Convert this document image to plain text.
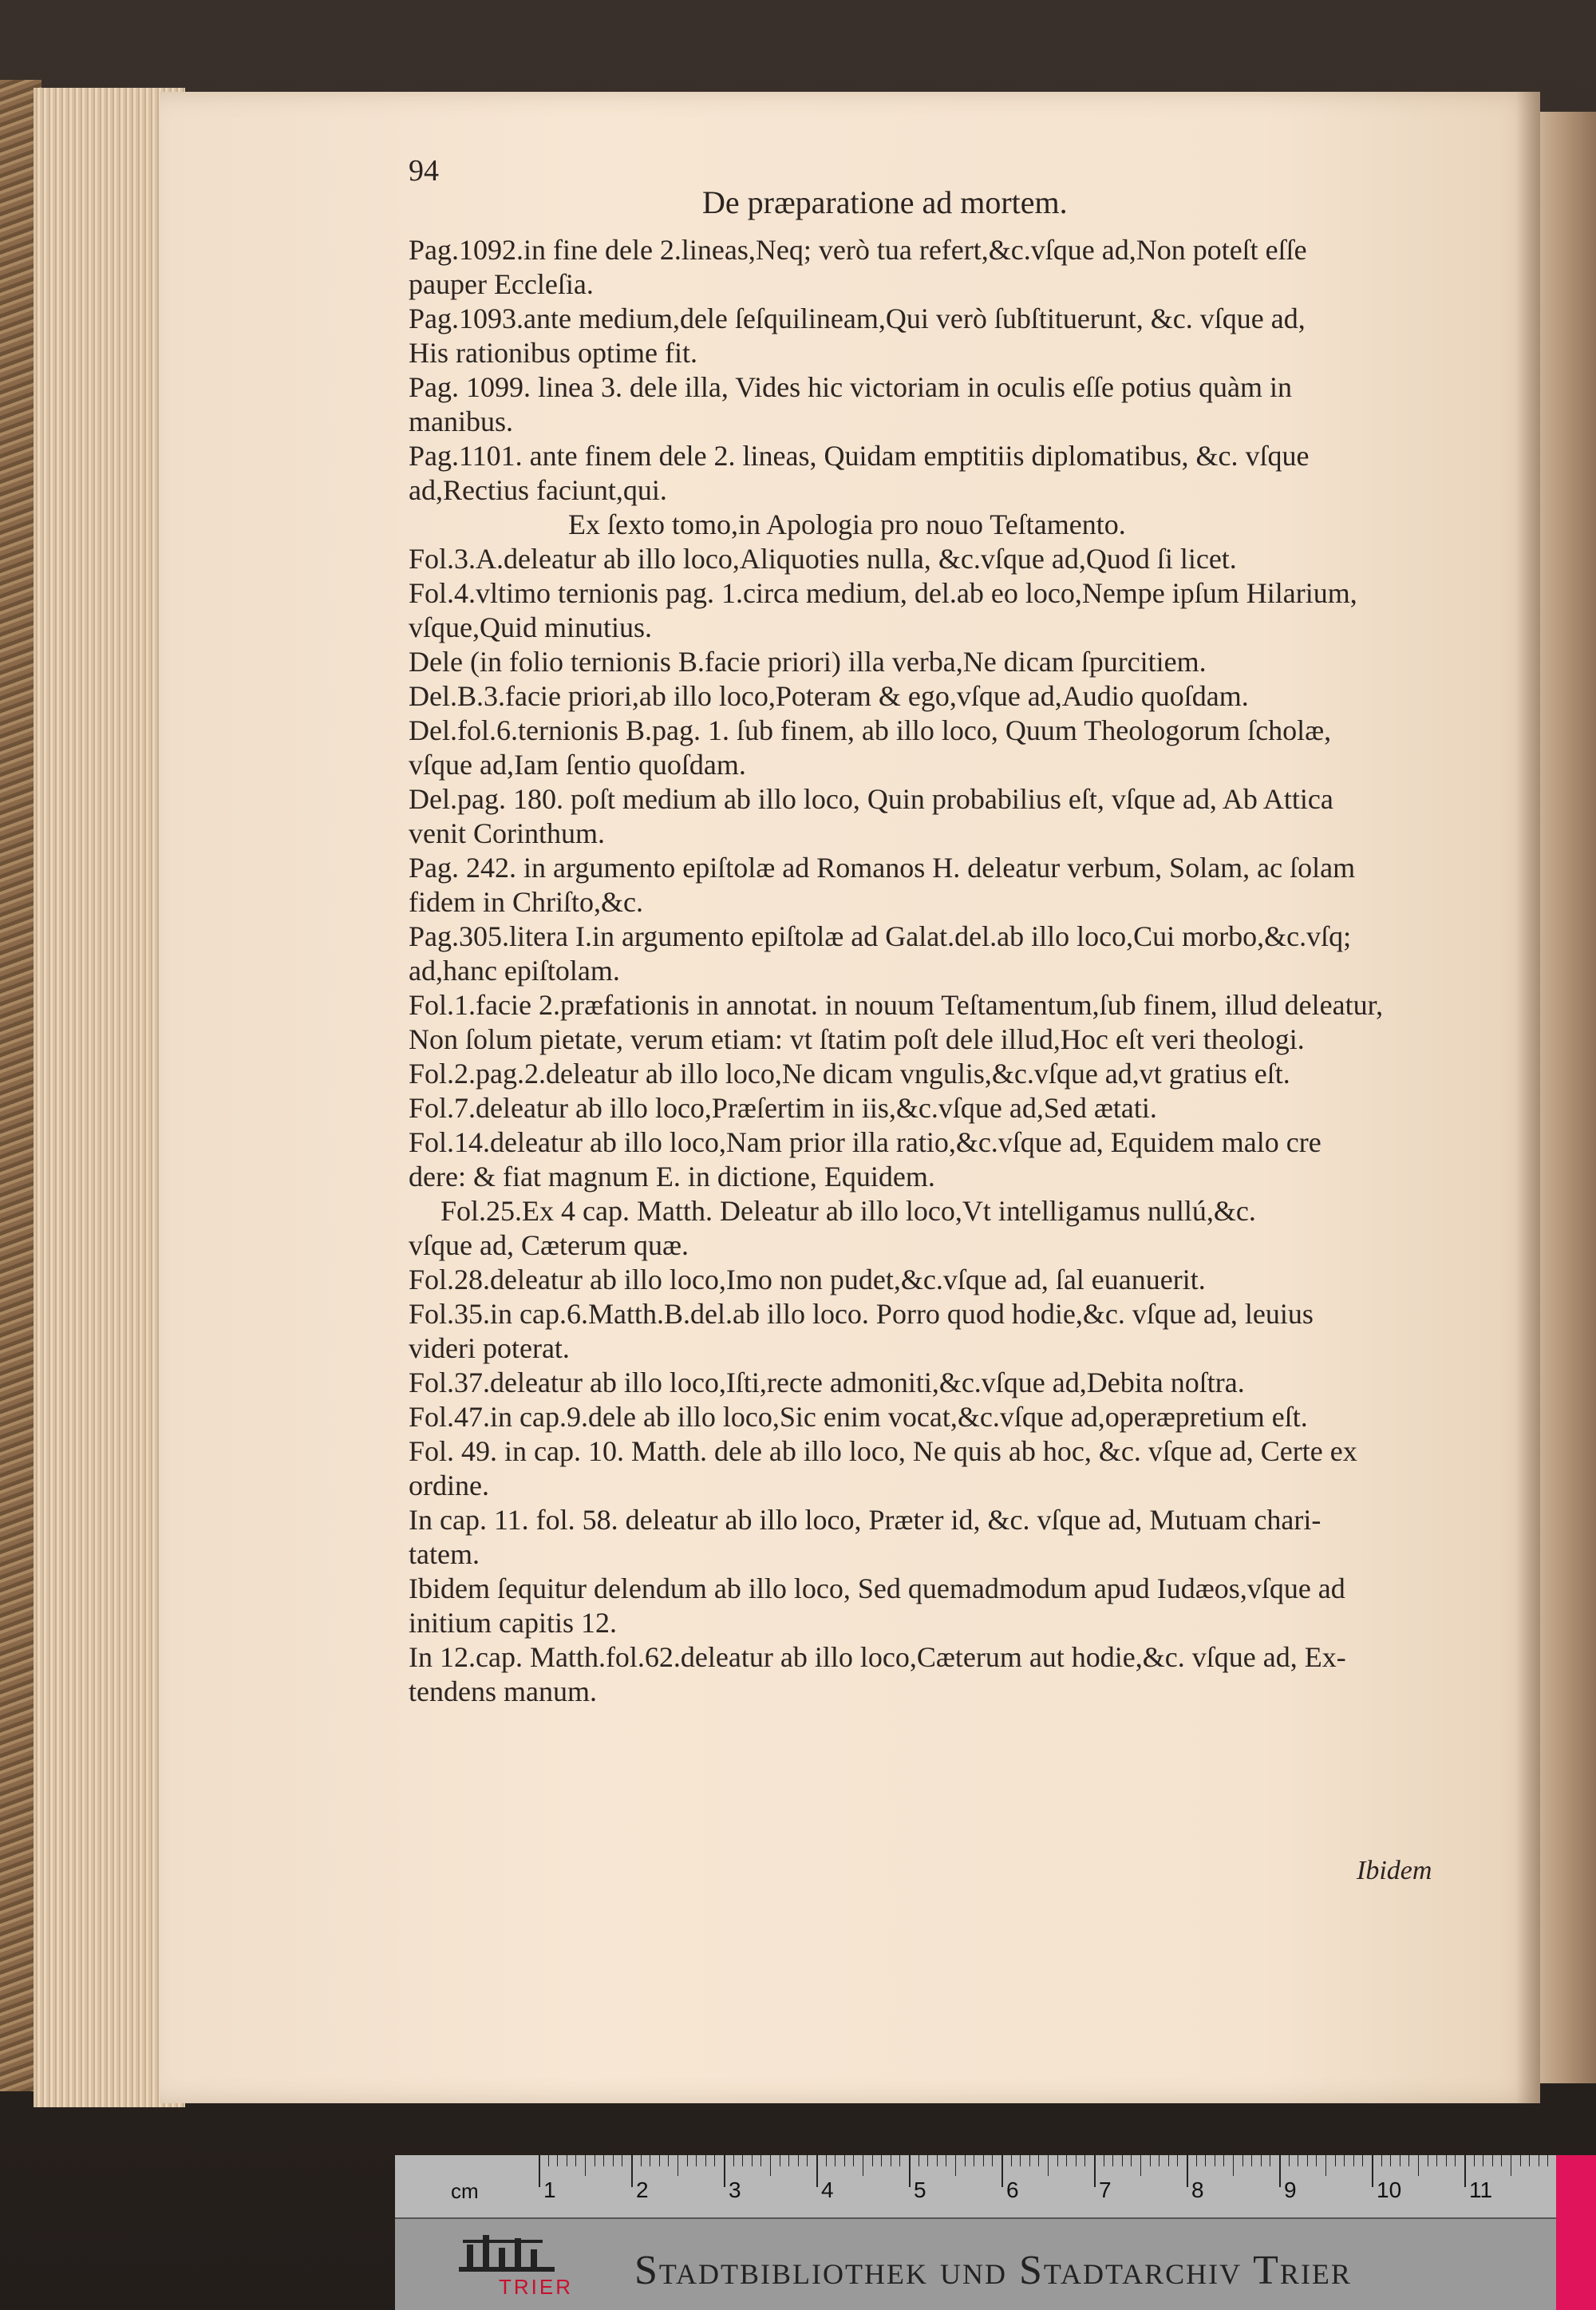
94
De præparatione ad mortem.
Pag.1092.in fine dele 2.lineas,Neq; verò tua refert,&c.vſque ad,Non poteſt eſſe
pauper Eccleſia.
Pag.1093.ante medium,dele ſeſquilineam,Qui verò ſubſtituerunt, &c. vſque ad,
His rationibus optime fit.
Pag. 1099. linea 3. dele illa, Vides hic victoriam in oculis eſſe potius quàm in
manibus.
Pag.1101. ante finem dele 2. lineas, Quidam emptitiis diplomatibus, &c. vſque
ad,Rectius faciunt,qui.
Ex ſexto tomo,in Apologia pro nouo Teſtamento.
Fol.3.A.deleatur ab illo loco,Aliquoties nulla, &c.vſque ad,Quod ſi licet.
Fol.4.vltimo ternionis pag. 1.circa medium, del.ab eo loco,Nempe ipſum Hilarium,
vſque,Quid minutius.
Dele (in folio ternionis B.facie priori) illa verba,Ne dicam ſpurcitiem.
Del.B.3.facie priori,ab illo loco,Poteram & ego,vſque ad,Audio quoſdam.
Del.fol.6.ternionis B.pag. 1. ſub finem, ab illo loco, Quum Theologorum ſcholæ,
vſque ad,Iam ſentio quoſdam.
Del.pag. 180. poſt medium ab illo loco, Quin probabilius eſt, vſque ad, Ab Attica
venit Corinthum.
Pag. 242. in argumento epiſtolæ ad Romanos H. deleatur verbum, Solam, ac ſolam
fidem in Chriſto,&c.
Pag.305.litera I.in argumento epiſtolæ ad Galat.del.ab illo loco,Cui morbo,&c.vſq;
ad,hanc epiſtolam.
Fol.1.facie 2.præfationis in annotat. in nouum Teſtamentum,ſub finem, illud deleatur,
Non ſolum pietate, verum etiam: vt ſtatim poſt dele illud,Hoc eſt veri theologi.
Fol.2.pag.2.deleatur ab illo loco,Ne dicam vngulis,&c.vſque ad,vt gratius eſt.
Fol.7.deleatur ab illo loco,Præſertim in iis,&c.vſque ad,Sed ætati.
Fol.14.deleatur ab illo loco,Nam prior illa ratio,&c.vſque ad, Equidem malo cre
dere: & fiat magnum E. in dictione, Equidem.
Fol.25.Ex 4 cap. Matth. Deleatur ab illo loco,Vt intelligamus nullú,&c.
vſque ad, Cæterum quæ.
Fol.28.deleatur ab illo loco,Imo non pudet,&c.vſque ad, ſal euanuerit.
Fol.35.in cap.6.Matth.B.del.ab illo loco. Porro quod hodie,&c. vſque ad, leuius
videri poterat.
Fol.37.deleatur ab illo loco,Iſti,recte admoniti,&c.vſque ad,Debita noſtra.
Fol.47.in cap.9.dele ab illo loco,Sic enim vocat,&c.vſque ad,operæpretium eſt.
Fol. 49. in cap. 10. Matth. dele ab illo loco, Ne quis ab hoc, &c. vſque ad, Certe ex
ordine.
In cap. 11. fol. 58. deleatur ab illo loco, Præter id, &c. vſque ad, Mutuam chari-
tatem.
Ibidem ſequitur delendum ab illo loco, Sed quemadmodum apud Iudæos,vſque ad
initium capitis 12.
In 12.cap. Matth.fol.62.deleatur ab illo loco,Cæterum aut hodie,&c. vſque ad, Ex-
tendens manum.
Ibidem
cm	1	2	3	4	5	6	7	8	9	10	11
TRIER Stadtbibliothek und Stadtarchiv Trier
